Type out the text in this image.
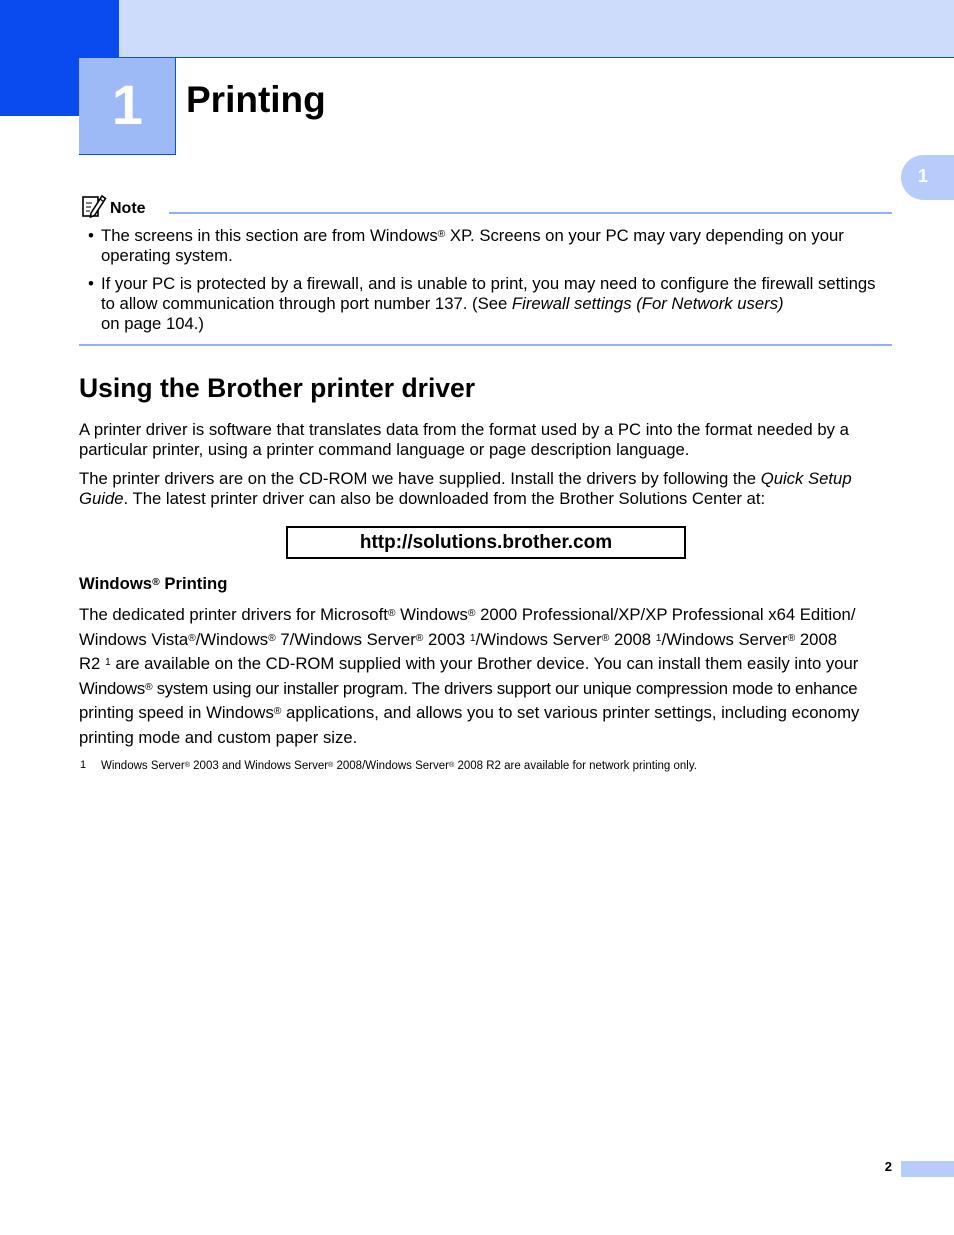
1	Printing
1
Note
• The screens in this section are from Windows® XP. Screens on your PC may vary depending on your
operating system.
• If your PC is protected by a firewall, and is unable to print, you may need to configure the firewall settings
to allow communication through port number 137. (See Firewall settings (For Network users)
on page 104.)
Using the Brother printer driver
A printer driver is software that translates data from the format used by a PC into the format needed by a
particular printer, using a printer command language or page description language.
The printer drivers are on the CD-ROM we have supplied. Install the drivers by following the Quick Setup
Guide. The latest printer driver can also be downloaded from the Brother Solutions Center at:
http://solutions.brother.com
Windows® Printing
The dedicated printer drivers for Microsoft® Windows® 2000 Professional/XP/XP Professional x64 Edition/
Windows Vista®/Windows® 7/Windows Server® 2003 $^1$/Windows Server® 2008 $^1$/Windows Server® 2008
R2 $^1$ are available on the CD-ROM supplied with your Brother device. You can install them easily into your
Windows® system using our installer program. The drivers support our unique compression mode to enhance
printing speed in Windows® applications, and allows you to set various printer settings, including economy
printing mode and custom paper size.
1 Windows Server® 2003 and Windows Server® 2008/Windows Server® 2008 R2 are available for network printing only.
2
